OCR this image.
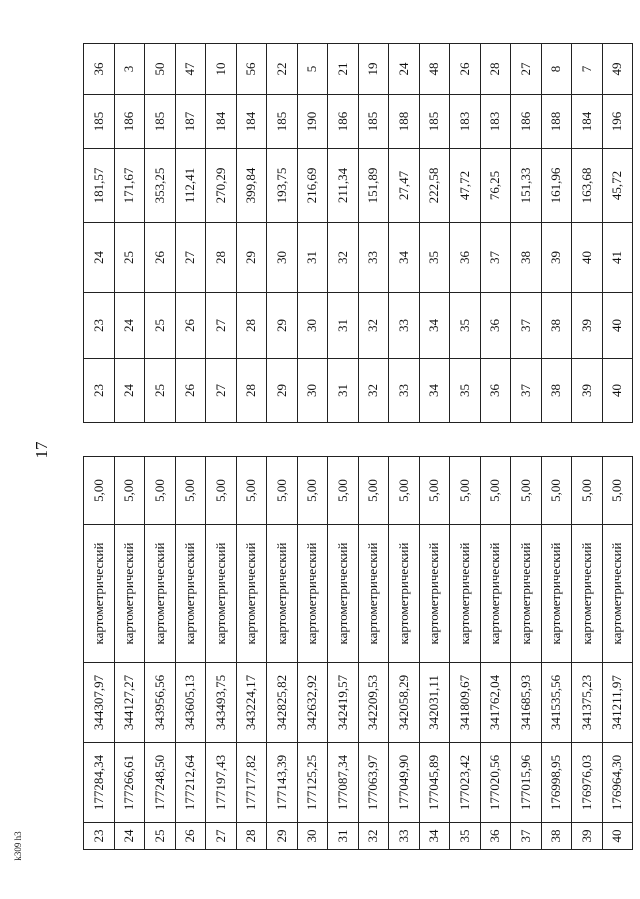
17
k309 h3	23	177284,34	344307,97	картометрический	5,00
24	177266,61	344127,27	картометрический	5,00
25	177248,50	343956,56	картометрический	5,00
26	177212,64	343605,13	картометрический	5,00
27	177197,43	343493,75	картометрический	5,00
28	177177,82	343224,17	картометрический	5,00
29	177143,39	342825,82	картометрический	5,00
30	177125,25	342632,92	картометрический	5,00
31	177087,34	342419,57	картометрический	5,00
32	177063,97	342209,53	картометрический	5,00
33	177049,90	342058,29	картометрический	5,00
34	177045,89	342031,11	картометрический	5,00
35	177023,42	341809,67	картометрический	5,00
36	177020,56	341762,04	картометрический	5,00
37	177015,96	341685,93	картометрический	5,00
38	176998,95	341535,56	картометрический	5,00
39	176976,03	341375,23	картометрический	5,00
40	176964,30	341211,97	картометрический	5,00
23	23	24	181,57	185	36
24	24	25	171,67	186	3
25	25	26	353,25	185	50
26	26	27	112,41	187	47
27	27	28	270,29	184	10
28	28	29	399,84	184	56
29	29	30	193,75	185	22
30	30	31	216,69	190	5
31	31	32	211,34	186	21
32	32	33	151,89	185	19
33	33	34	27,47	188	24
34	34	35	222,58	185	48
35	35	36	47,72	183	26
36	36	37	76,25	183	28
37	37	38	151,33	186	27
38	38	39	161,96	188	8
39	39	40	163,68	184	7
40	40	41	45,72	196	49
